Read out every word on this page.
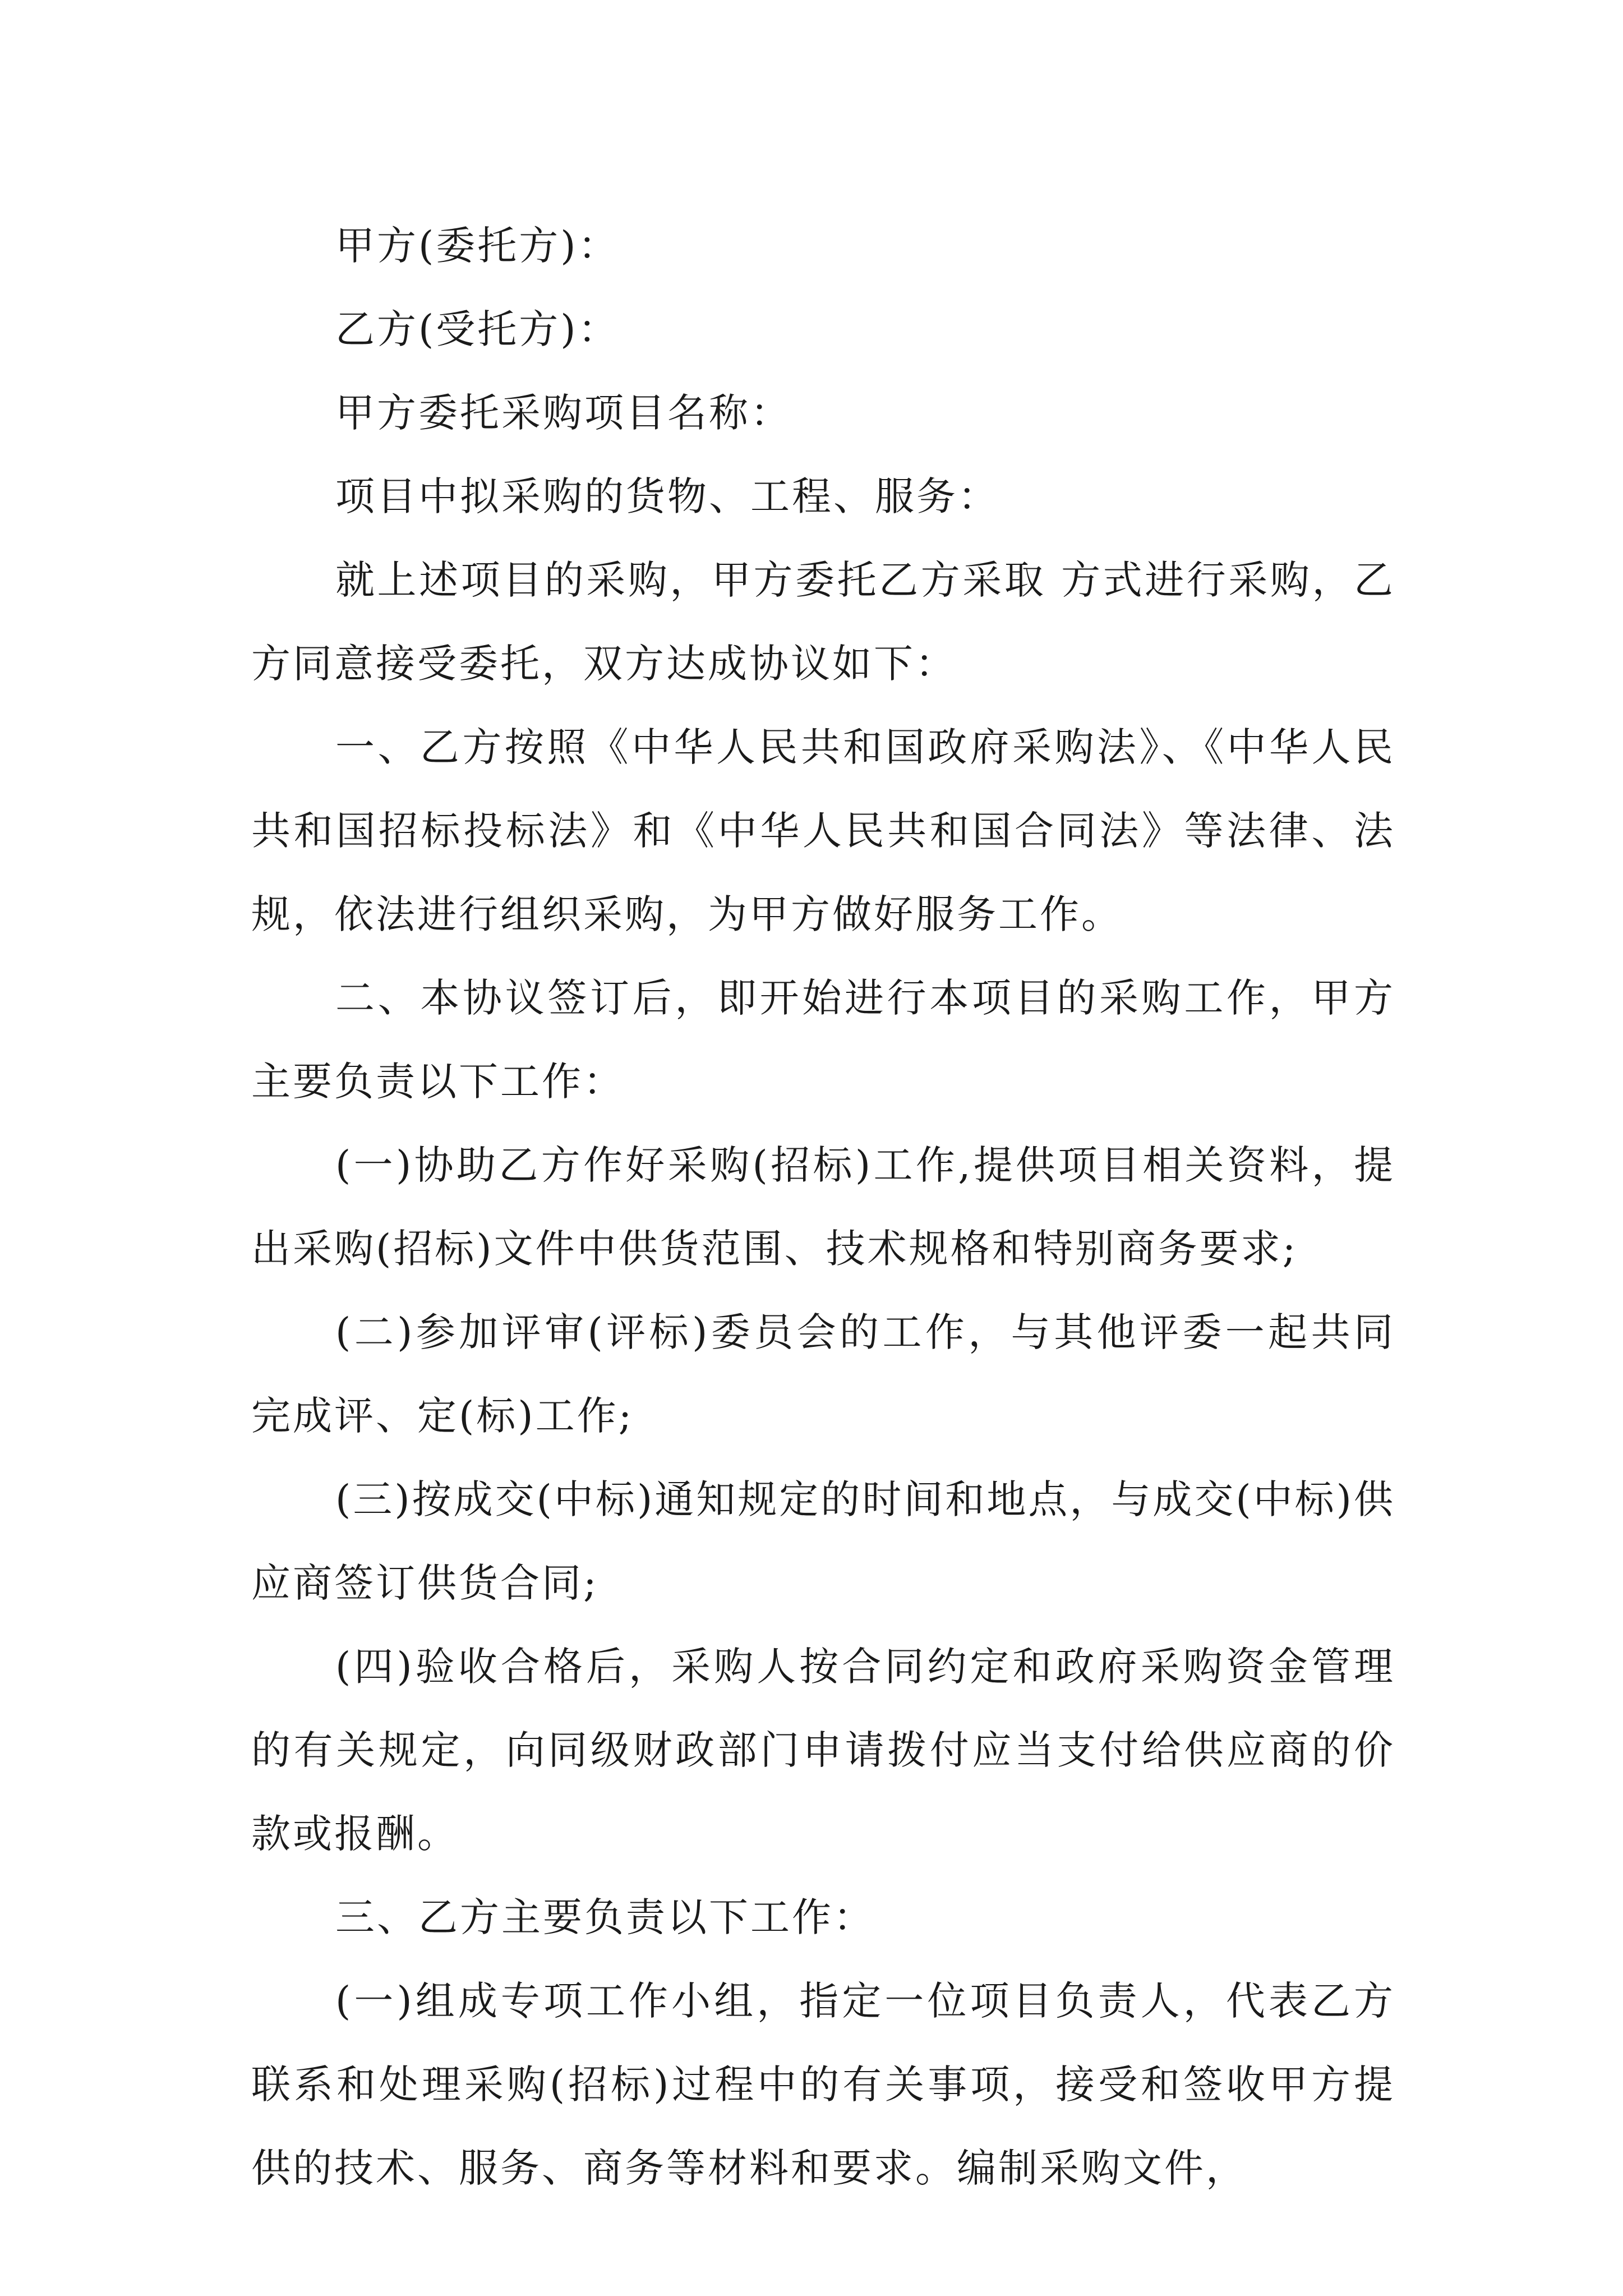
甲方(委托方)：

乙方(受托方)：

甲方委托采购项目名称：

项目中拟采购的货物、工程、服务：

就上述项目的采购，甲方委托乙方采取 方式进行采购，乙方同意接受委托，双方达成协议如下：

一、乙方按照《中华人民共和国政府采购法》、《中华人民共和国招标投标法》和《中华人民共和国合同法》等法律、法规，依法进行组织采购，为甲方做好服务工作。

二、本协议签订后，即开始进行本项目的采购工作，甲方主要负责以下工作：

(一)协助乙方作好采购(招标)工作,提供项目相关资料，提出采购(招标)文件中供货范围、技术规格和特别商务要求;

(二)参加评审(评标)委员会的工作，与其他评委一起共同完成评、定(标)工作;

(三)按成交(中标)通知规定的时间和地点，与成交(中标)供应商签订供货合同;

(四)验收合格后，采购人按合同约定和政府采购资金管理的有关规定，向同级财政部门申请拨付应当支付给供应商的价款或报酬。

三、乙方主要负责以下工作：

(一)组成专项工作小组，指定一位项目负责人，代表乙方联系和处理采购(招标)过程中的有关事项，接受和签收甲方提供的技术、服务、商务等材料和要求。编制采购文件，
